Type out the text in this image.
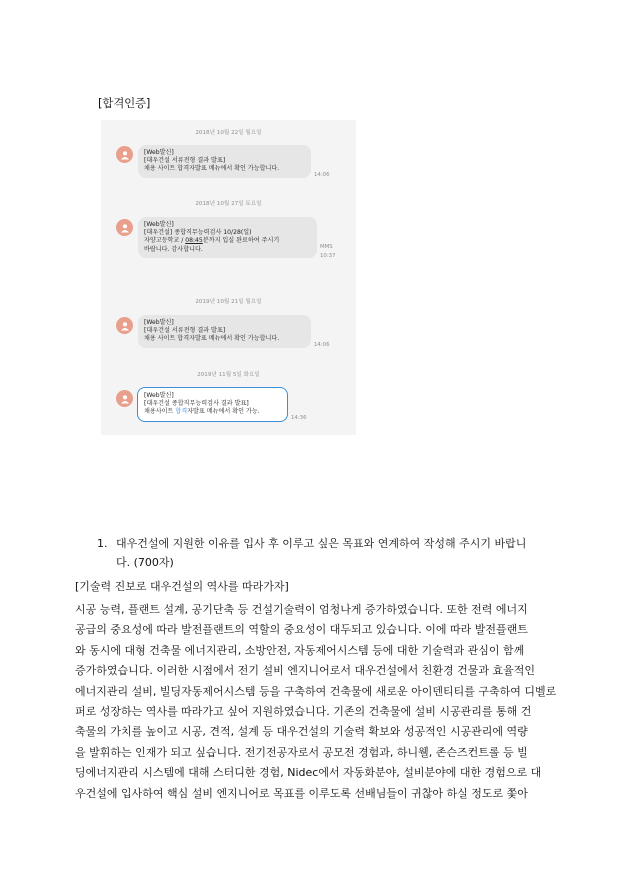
[합격인증]
2018년 10월 22일 월요일
[Web발신]
[대우건설 서류전형 결과 발표]
채용 사이트 합격자발표 메뉴에서 확인 가능합니다.
14:06
2018년 10월 27일 토요일
[Web발신]
[대우건설] 종합직무능력검사 10/28(일)
자양고등학교 / 08:45분까지 입실 완료하여 주시기
바랍니다. 감사합니다.	MMS
10:37
2019년 10월 21일 월요일
[Web발신]
[대우건설 서류전형 결과 발표]
채용 사이트 합격자발표 메뉴에서 확인 가능합니다.
14:06
2019년 11월 5일 화요일
[Web발신]
[대우건설 종합직무능력검사 결과 발표]
채용사이트 합격자발표 메뉴에서 확인 가능.
14:36
1. 대우건설에 지원한 이유를 입사 후 이루고 싶은 목표와 연계하여 작성해 주시기 바랍니
다. (700자)
[기술력 진보로 대우건설의 역사를 따라가자]
시공 능력, 플랜트 설계, 공기단축 등 건설기술력이 엄청나게 증가하였습니다. 또한 전력 에너지
공급의 중요성에 따라 발전플랜트의 역할의 중요성이 대두되고 있습니다. 이에 따라 발전플랜트
와 동시에 대형 건축물 에너지관리, 소방안전, 자동제어시스템 등에 대한 기술력과 관심이 함께
증가하였습니다. 이러한 시점에서 전기 설비 엔지니어로서 대우건설에서 친환경 건물과 효율적인
에너지관리 설비, 빌딩자동제어시스템 등을 구축하여 건축물에 새로운 아이덴티티를 구축하여 디벨로
퍼로 성장하는 역사를 따라가고 싶어 지원하였습니다. 기존의 건축물에 설비 시공관리를 통해 건
축물의 가치를 높이고 시공, 견적, 설계 등 대우건설의 기술력 확보와 성공적인 시공관리에 역량
을 발휘하는 인재가 되고 싶습니다. 전기전공자로서 공모전 경험과, 하니웰, 존슨즈컨트롤 등 빌
딩에너지관리 시스템에 대해 스터디한 경험, Nidec에서 자동화분야, 설비분야에 대한 경험으로 대
우건설에 입사하여 핵심 설비 엔지니어로 목표를 이루도록 선배님들이 귀찮아 하실 정도로 쫓아
